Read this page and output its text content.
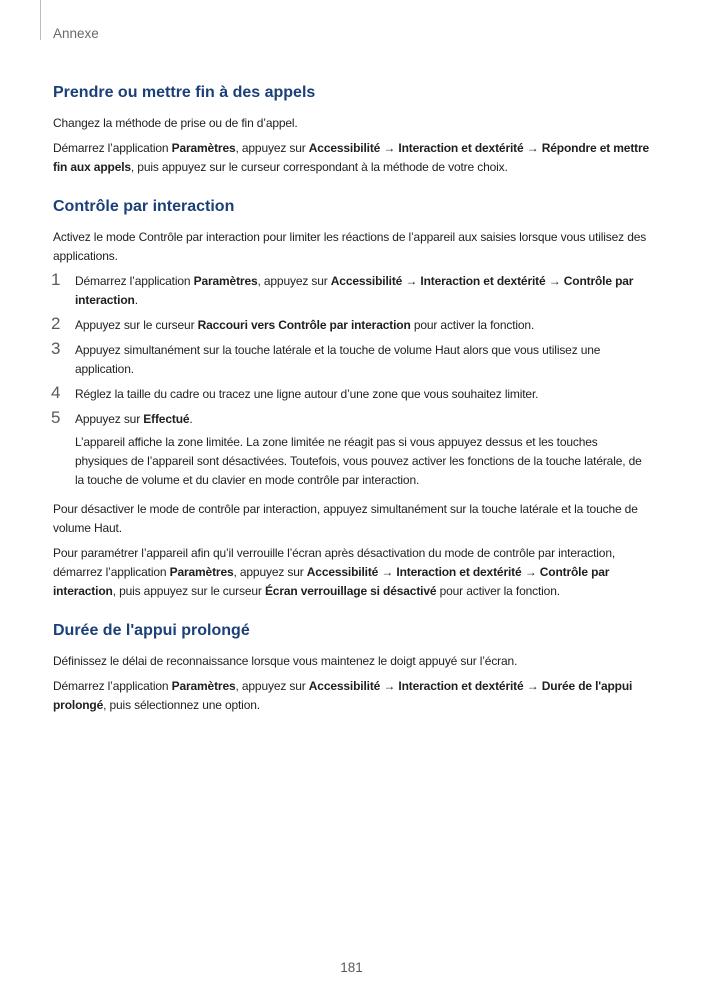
Annexe
Prendre ou mettre fin à des appels

Changez la méthode de prise ou de fin d’appel.

Démarrez l’application Paramètres, appuyez sur Accessibilité → Interaction et dextérité → Répondre et mettre fin aux appels, puis appuyez sur le curseur correspondant à la méthode de votre choix.

Contrôle par interaction

Activez le mode Contrôle par interaction pour limiter les réactions de l’appareil aux saisies lorsque vous utilisez des applications.

1 Démarrez l’application Paramètres, appuyez sur Accessibilité → Interaction et dextérité → Contrôle par interaction.

2 Appuyez sur le curseur Raccouri vers Contrôle par interaction pour activer la fonction.

3 Appuyez simultanément sur la touche latérale et la touche de volume Haut alors que vous utilisez une application.

4 Réglez la taille du cadre ou tracez une ligne autour d’une zone que vous souhaitez limiter.

5 Appuyez sur Effectué.

L’appareil affiche la zone limitée. La zone limitée ne réagit pas si vous appuyez dessus et les touches physiques de l’appareil sont désactivées. Toutefois, vous pouvez activer les fonctions de la touche latérale, de la touche de volume et du clavier en mode contrôle par interaction.

Pour désactiver le mode de contrôle par interaction, appuyez simultanément sur la touche latérale et la touche de volume Haut.

Pour paramétrer l’appareil afin qu’il verrouille l’écran après désactivation du mode de contrôle par interaction, démarrez l’application Paramètres, appuyez sur Accessibilité → Interaction et dextérité → Contrôle par interaction, puis appuyez sur le curseur Écran verrouillage si désactivé pour activer la fonction.

Durée de l'appui prolongé

Définissez le délai de reconnaissance lorsque vous maintenez le doigt appuyé sur l’écran.

Démarrez l’application Paramètres, appuyez sur Accessibilité → Interaction et dextérité → Durée de l'appui prolongé, puis sélectionnez une option.

181
